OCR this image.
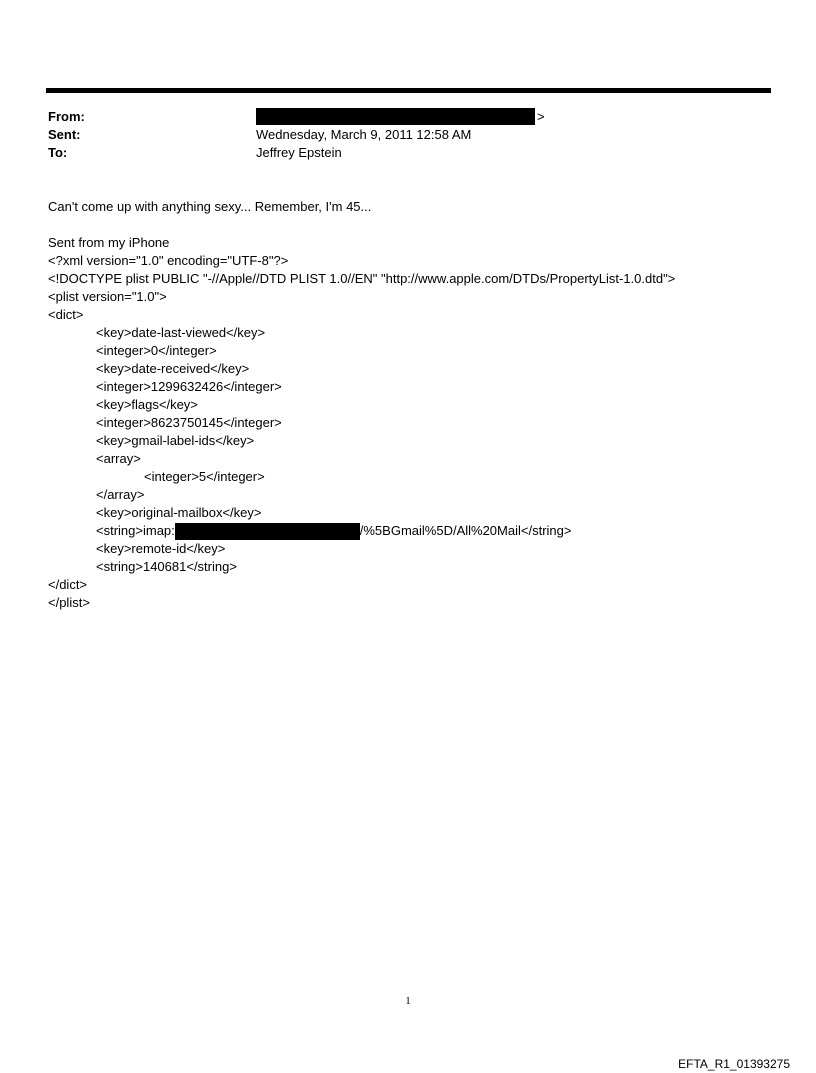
From:
Sent:
To:
>
Wednesday, March 9, 2011 12:58 AM
Jeffrey Epstein
Can't come up with anything sexy... Remember, I'm 45...
Sent from my iPhone
<?xml version="1.0" encoding="UTF-8"?>
<!DOCTYPE plist PUBLIC "-//Apple//DTD PLIST 1.0//EN" "http://www.apple.com/DTDs/PropertyList-1.0.dtd">
<plist version="1.0">
<dict>
<key>date-last-viewed</key>
<integer>0</integer>
<key>date-received</key>
<integer>1299632426</integer>
<key>flags</key>
<integer>8623750145</integer>
<key>gmail-label-ids</key>
<array>
<integer>5</integer>
</array>
<key>original-mailbox</key>
<string>imap:	/%5BGmail%5D/All%20Mail</string>
<key>remote-id</key>
<string>140681</string>
</dict>
</plist>
1
EFTA_R1_01393275
